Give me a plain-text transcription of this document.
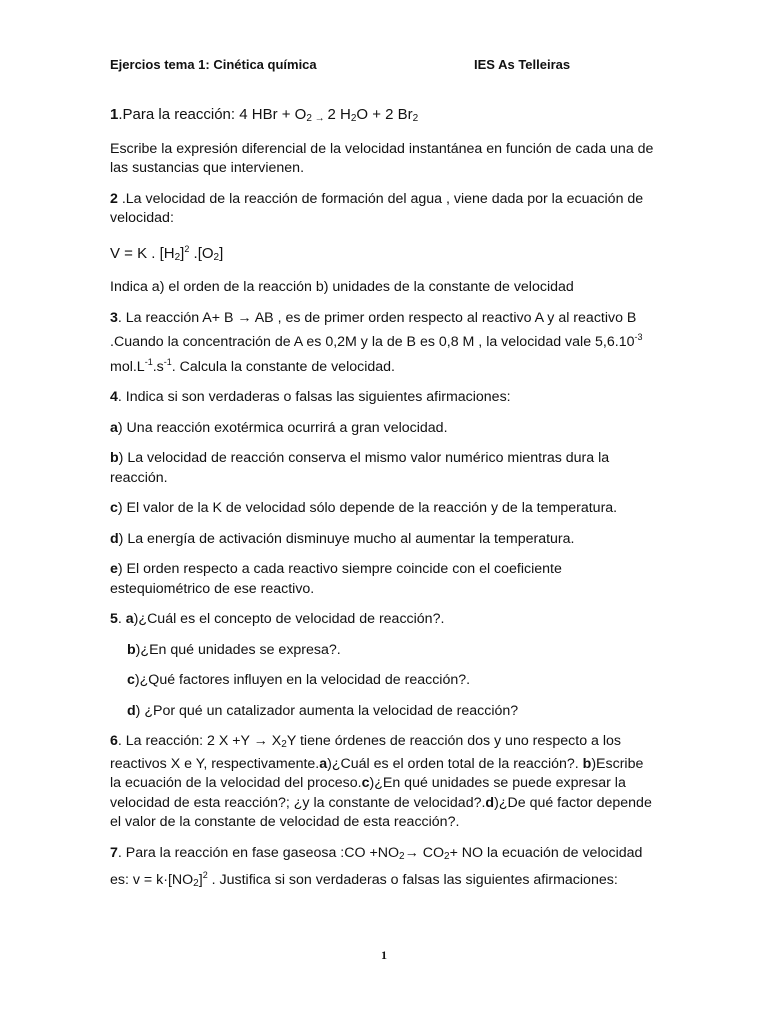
Ejercios tema 1: Cinética química	IES As Telleiras

1.Para la reacción: 4 HBr + $O_2$ $_\to$ 2 $H_2O + 2$ $Br_2$

Escribe la expresión diferencial de la velocidad instantánea en función de cada una de las sustancias que intervienen.

2 .La velocidad de la reacción de formación del agua , viene dada por la ecuación de velocidad:

V = K . $[H_2]^2$ $.[O_2]$

Indica a) el orden de la reacción b) unidades de la constante de velocidad

3. La reacción A+ B → AB , es de primer orden respecto al reactivo A y al reactivo B .Cuando la concentración de A es 0,2M y la de B es 0,8 M , la velocidad vale $5,6.10^{-3}$ $mol.L^{-1}.s^{-1}$. Calcula la constante de velocidad.

4. Indica si son verdaderas o falsas las siguientes afirmaciones:

a) Una reacción exotérmica ocurrirá a gran velocidad.

b) La velocidad de reacción conserva el mismo valor numérico mientras dura la reacción.

c) El valor de la K de velocidad sólo depende de la reacción y de la temperatura.

d) La energía de activación disminuye mucho al aumentar la temperatura.

e) El orden respecto a cada reactivo siempre coincide con el coeficiente estequiométrico de ese reactivo.

5. a)¿Cuál es el concepto de velocidad de reacción?.

b)¿En qué unidades se expresa?.

c)¿Qué factores influyen en la velocidad de reacción?.

d) ¿Por qué un catalizador aumenta la velocidad de reacción?

6. La reacción: 2 $X +Y \to X_2Y$ tiene órdenes de reacción dos y uno respecto a los reactivos X e Y, respectivamente.a)¿Cuál es el orden total de la reacción?. b)Escribe la ecuación de la velocidad del proceso.c)¿En qué unidades se puede expresar la velocidad de esta reacción?; ¿y la constante de velocidad?.d)¿De qué factor depende el valor de la constante de velocidad de esta reacción?.

7. Para la reacción en fase gaseosa :CO $+NO_2\to CO_2+$ NO la ecuación de velocidad es: $v = k\cdot[NO_2]^2$ . Justifica si son verdaderas o falsas las siguientes afirmaciones:

1
